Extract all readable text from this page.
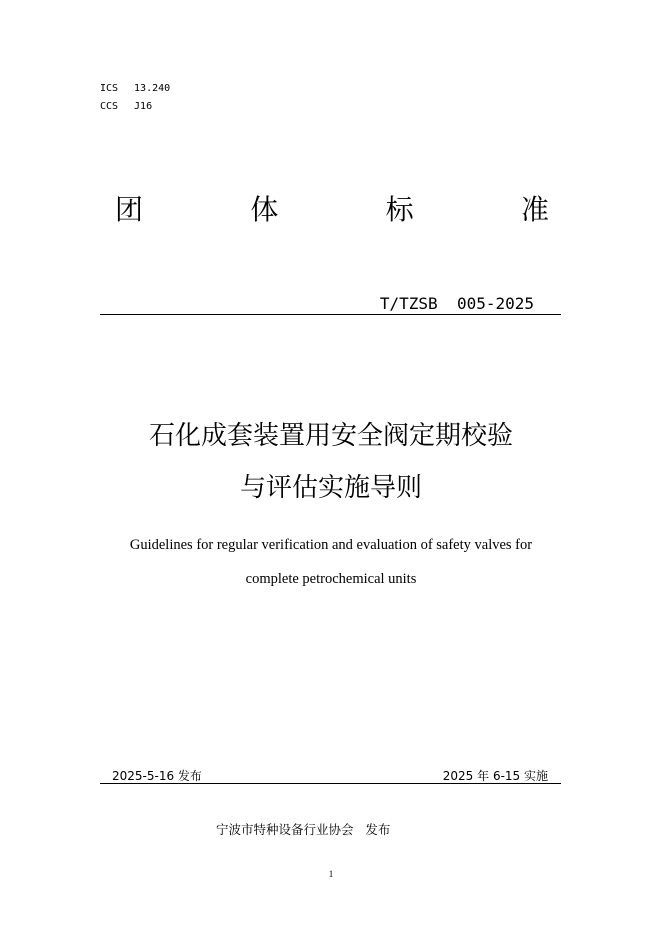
ICS 13.240
CCS J16
团	体	标	准
T/TZSB  005-2025
石化成套装置用安全阀定期校验
与评估实施导则
Guidelines for regular verification and evaluation of safety valves for
complete petrochemical units
2025-5-16 发布	2025 年 6-15 实施
宁波市特种设备行业协会   发布
1
